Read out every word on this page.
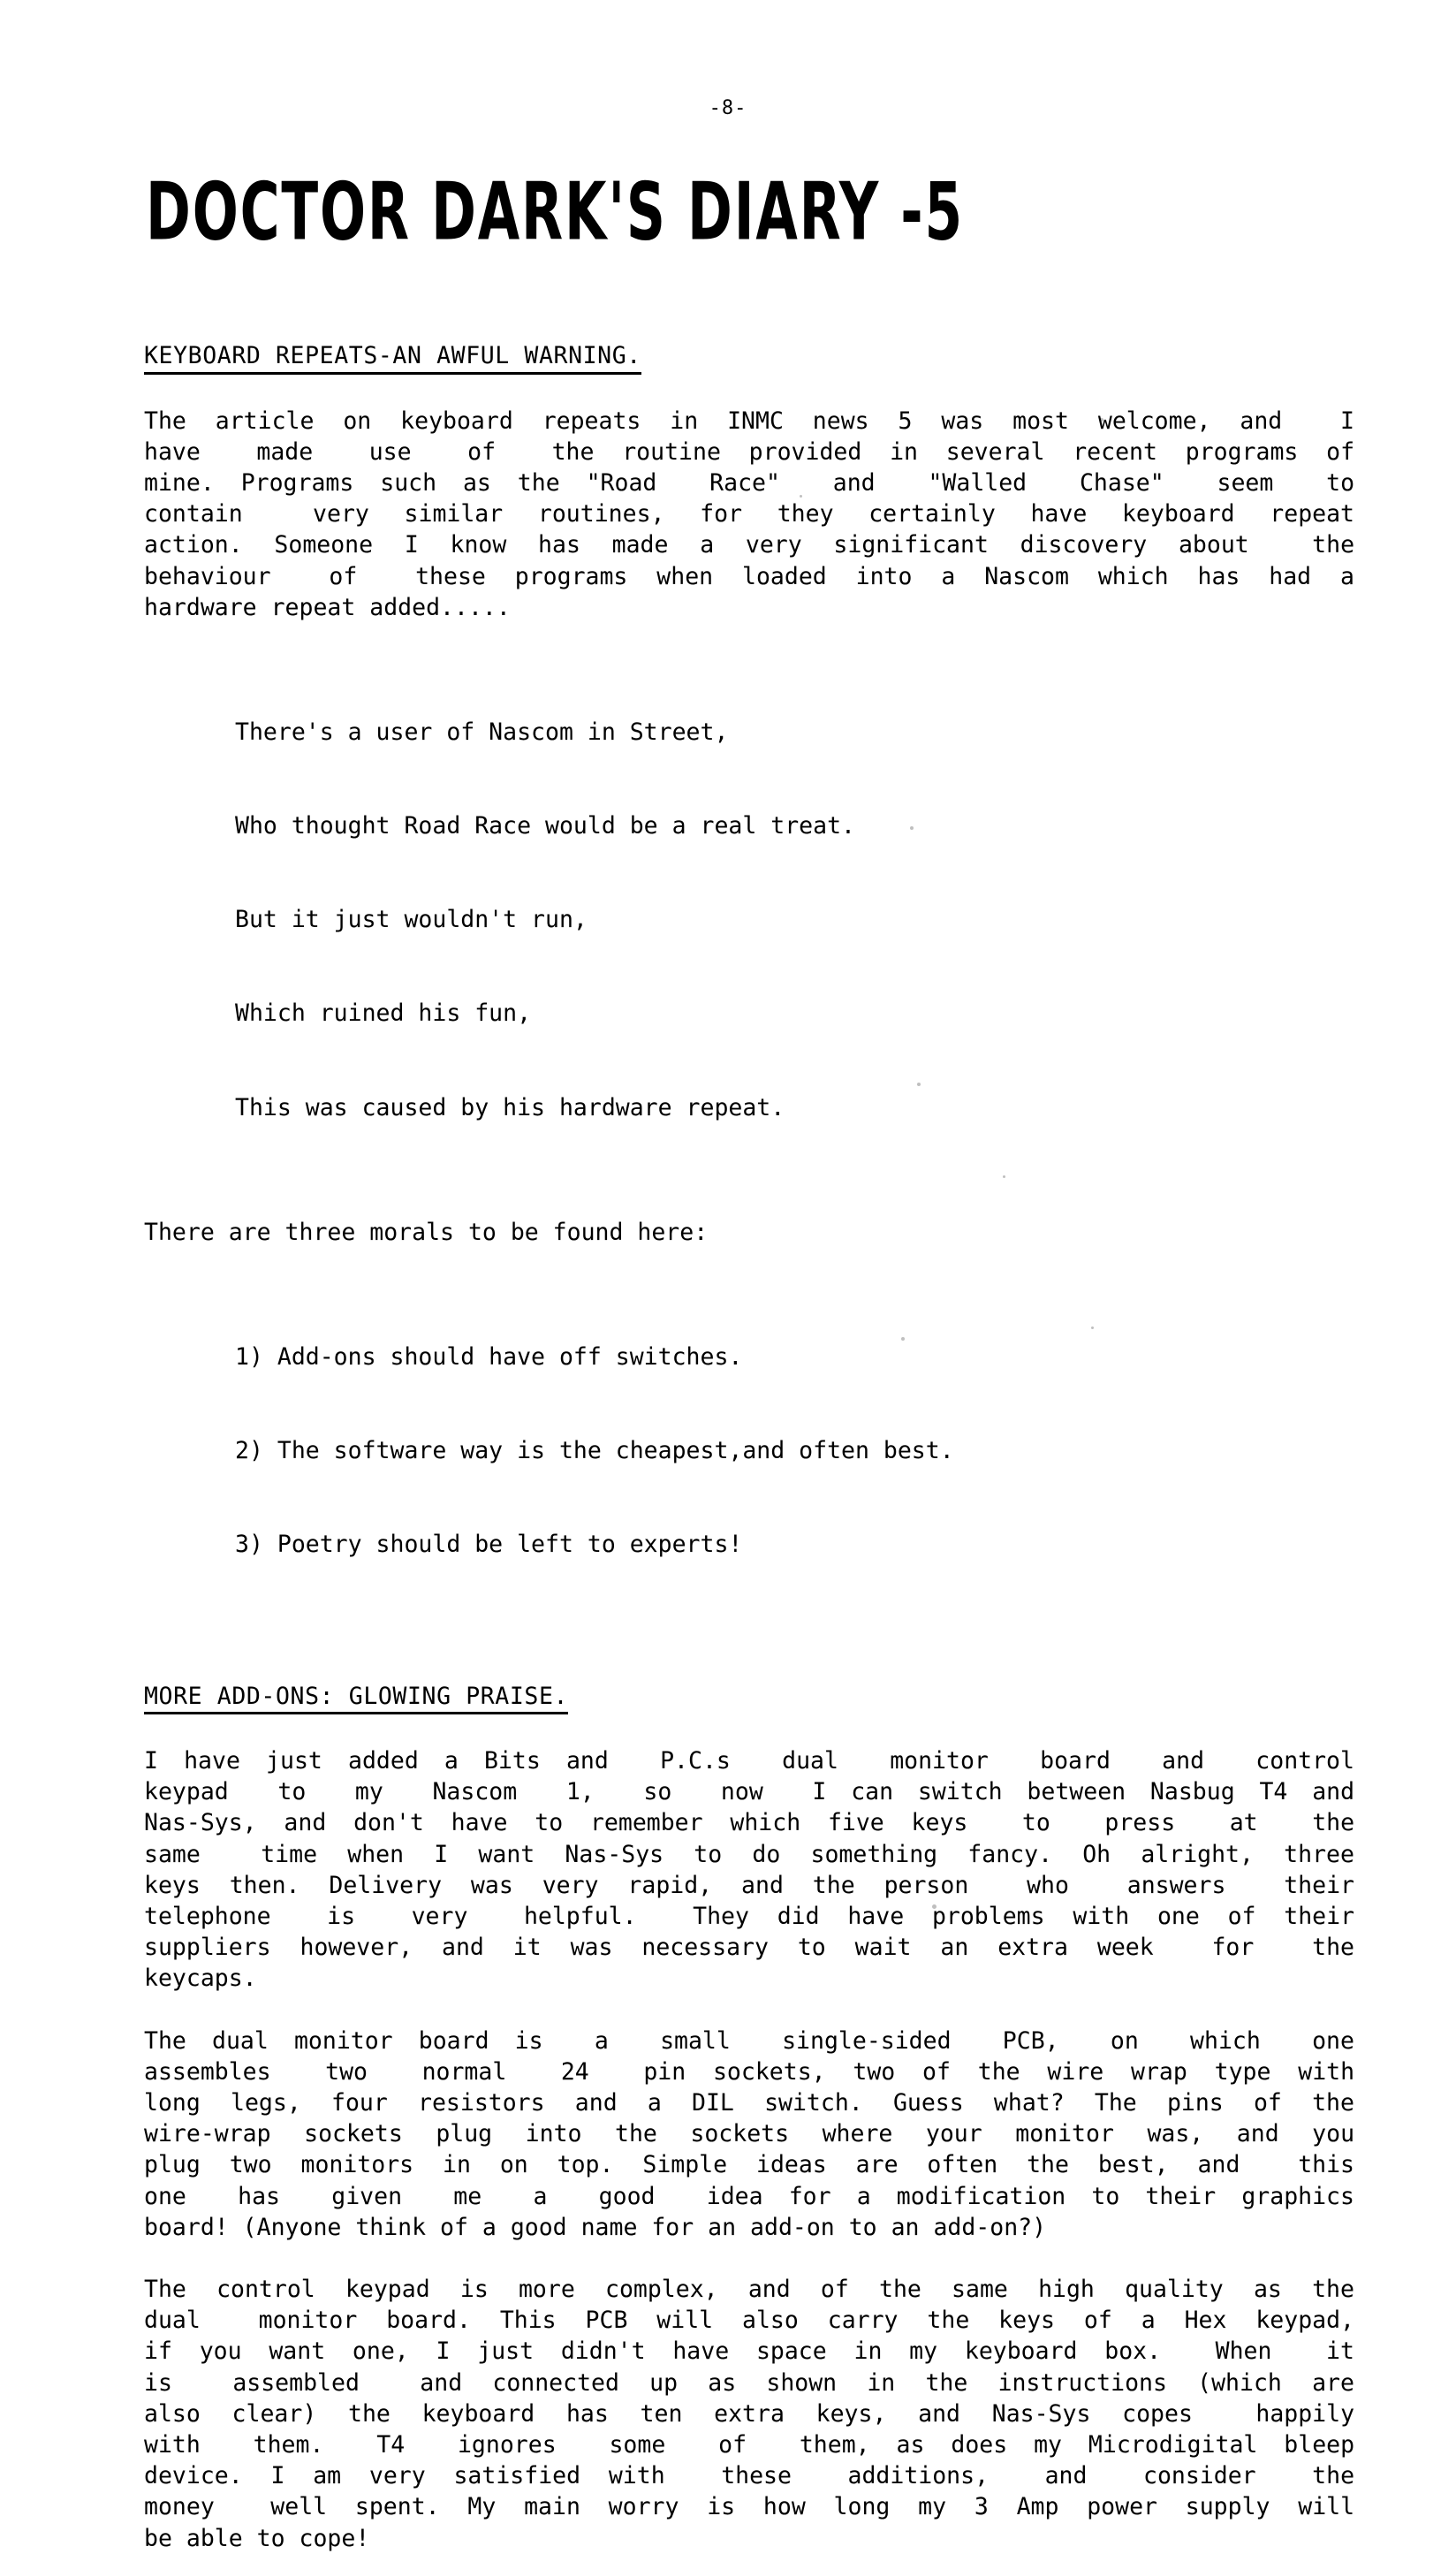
-8-
DOCTOR DARK'S DIARY -5
KEYBOARD REPEATS-AN AWFUL WARNING.
The
article
on
keyboard
repeats
in
INMC
news
5
was
most
welcome,
and
I
have
made
use
of
the
routine
provided
in
several
recent
programs
of
mine.
Programs
such
as
the
"Road
Race"
and
"Walled
Chase"
seem
to
contain
	very
similar
routines,
for
they
certainly
have
keyboard
repeat
action.
Someone
I
know
has
made
a
very
significant
discovery
about
	the
behaviour
of
these
programs
when
loaded
into
a
Nascom
which
has
had
a
hardware repeat added.....

There's a user of Nascom in Street,

Who thought Road Race would be a real treat.

But it just wouldn't run,

Which ruined his fun,

This was caused by his hardware repeat.

There are three morals to be found here:

1) Add-ons should have off switches.

2) The software way is the cheapest,and often best.

3) Poetry should be left to experts!

MORE ADD-ONS: GLOWING PRAISE.
I
have
just
added
a
Bits
and
P.C.s
dual
monitor
board
and
control
keypad
to
my
Nascom
1,
so
now
I
can
switch
between
Nasbug
T4
and
Nas-Sys,
and
don't
have
to
remember
which
five
keys
to
press
at
the
same
	time
when
I
want
Nas-Sys
to
do
something
fancy.
Oh
alright,
three
keys
then.
Delivery
was
very
rapid,
and
the
person
who
answers
their
telephone
is
very
helpful.
They
did
have
problems
with
one
of
their
suppliers
however,
and
it
was
necessary
to
wait
an
extra
week
for
the
keycaps.
The
dual
monitor
board
is
a
small
single-sided
PCB,
on
which
one
assembles
two
normal
24
pin
sockets,
two
of
the
wire
wrap
type
with
long
legs,
four
resistors
and
a
DIL
switch.
Guess
what?
The
pins
of
the
wire-wrap
sockets
plug
into
the
sockets
where
your
monitor
was,
and
you
plug
two
monitors
in
on
top.
Simple
ideas
are
often
the
best,
and
this
one
has
given
me
a
good
idea
for
a
modification
to
their
graphics
board! (Anyone think of a good name for an add-on to an add-on?)
The
control
keypad
is
more
complex,
and
of
the
same
high
quality
as
the
dual
monitor
board.
This
PCB
will
also
carry
the
keys
of
a
Hex
keypad,
if
you
want
one,
I
just
didn't
have
space
in
my
keyboard
box.
When
it
is
	assembled
	and
connected
up
as
shown
in
the
instructions
(which
are
also
clear)
the
keyboard
has
ten
extra
keys,
and
Nas-Sys
copes
	happily
with
them.
T4
ignores
some
of
them,
as
does
my
Microdigital
bleep
device.
I
am
very
satisfied
with
these
additions,
and
consider
the
money
well
spent.
My
main
worry
is
how
long
my
3
Amp
power
supply
will
be able to cope!
